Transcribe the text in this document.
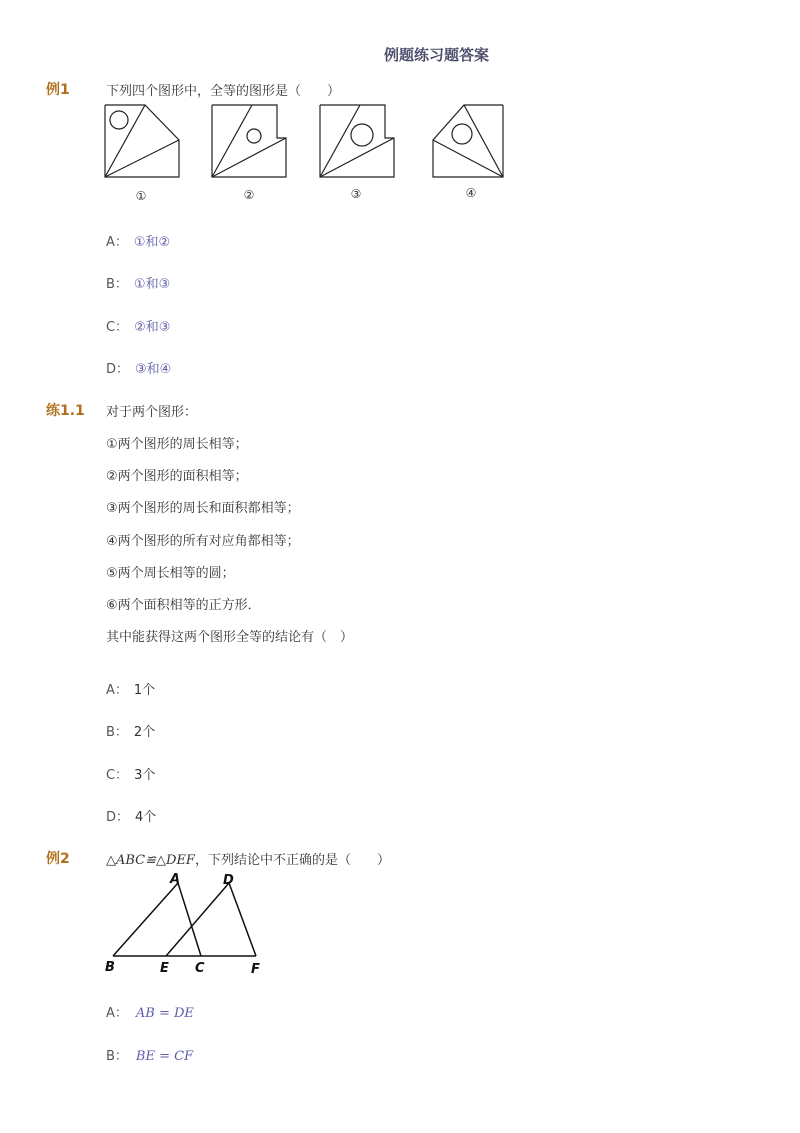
例题练习题答案
例1	下列四个图形中，全等的图形是（　　）
①	②	③	④
A： ①和②
B： ①和③
C： ②和③
D： ③和④
练1.1 对于两个图形：
①两个图形的周长相等；
②两个图形的面积相等；
③两个图形的周长和面积都相等；
④两个图形的所有对应角都相等；
⑤两个周长相等的圆；
⑥两个面积相等的正方形．
其中能获得这两个图形全等的结论有（　）
A： 1个
B： 2个
C： 3个
D： 4个
例2	△ABC≌△DEF，下列结论中不正确的是（　　）
A	D
B	E C	F
A： AB = DE
B： BE = CF
